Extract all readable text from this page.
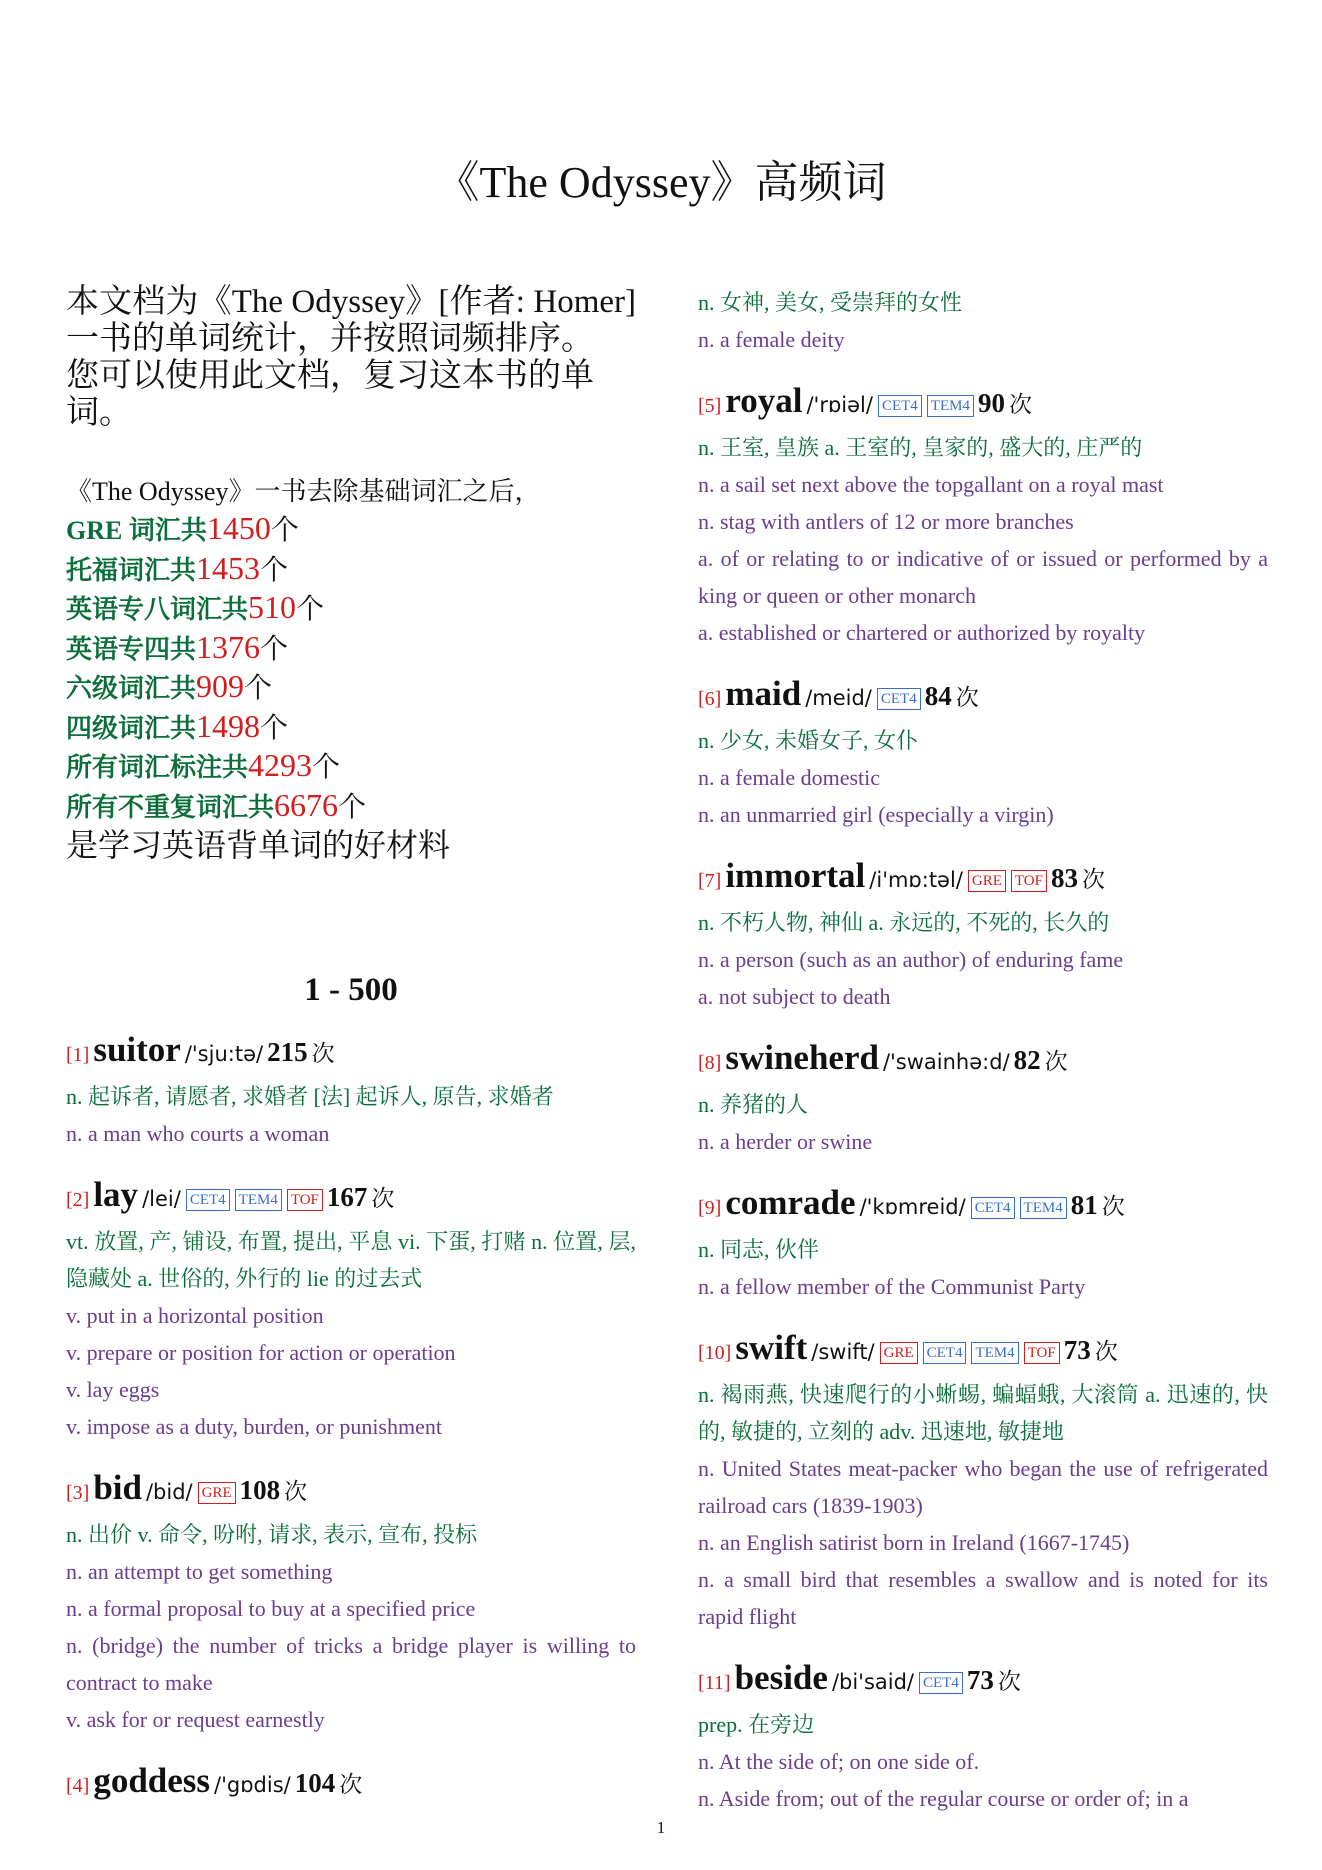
《The Odyssey》高频词

本文档为《The Odyssey》[作者: Homer] 一书的单词统计，并按照词频排序。

您可以使用此文档，复习这本书的单词。

《The Odyssey》一书去除基础词汇之后，
GRE 词汇共1450个
托福词汇共1453个
英语专八词汇共510个
英语专四共1376个
六级词汇共909个
四级词汇共1498个
所有词汇标注共4293个
所有不重复词汇共6676个
是学习英语背单词的好材料
1 - 500
[1] suitor /'sju:tə/ 215 次
n. 起诉者, 请愿者, 求婚者 [法] 起诉人, 原告, 求婚者
n. a man who courts a woman
[2] lay /lei/ CET4 TEM4 TOF 167 次
vt. 放置, 产, 铺设, 布置, 提出, 平息 vi. 下蛋, 打赌 n. 位置, 层, 隐藏处 a. 世俗的, 外行的 lie 的过去式
v. put in a horizontal position
v. prepare or position for action or operation
v. lay eggs
v. impose as a duty, burden, or punishment
[3] bid /bid/ GRE 108 次
n. 出价 v. 命令, 吩咐, 请求, 表示, 宣布, 投标
n. an attempt to get something
n. a formal proposal to buy at a specified price
n. (bridge) the number of tricks a bridge player is willing to contract to make
v. ask for or request earnestly
[4] goddess /'gɒdis/ 104 次
n. 女神, 美女, 受崇拜的女性
n. a female deity
[5] royal /'rɒiəl/ CET4 TEM4 90 次
n. 王室, 皇族 a. 王室的, 皇家的, 盛大的, 庄严的
n. a sail set next above the topgallant on a royal mast
n. stag with antlers of 12 or more branches
a. of or relating to or indicative of or issued or performed by a king or queen or other monarch
a. established or chartered or authorized by royalty
[6] maid /meid/ CET4 84 次
n. 少女, 未婚女子, 女仆
n. a female domestic
n. an unmarried girl (especially a virgin)
[7] immortal /i'mɒ:təl/ GRE TOF 83 次
n. 不朽人物, 神仙 a. 永远的, 不死的, 长久的
n. a person (such as an author) of enduring fame
a. not subject to death
[8] swineherd /'swainhə:d/ 82 次
n. 养猪的人
n. a herder or swine
[9] comrade /'kɒmreid/ CET4 TEM4 81 次
n. 同志, 伙伴
n. a fellow member of the Communist Party
[10] swift /swift/ GRE CET4 TEM4 TOF 73 次
n. 褐雨燕, 快速爬行的小蜥蜴, 蝙蝠蛾, 大滚筒 a. 迅速的, 快的, 敏捷的, 立刻的 adv. 迅速地, 敏捷地
n. United States meat-packer who began the use of refrigerated railroad cars (1839-1903)
n. an English satirist born in Ireland (1667-1745)
n. a small bird that resembles a swallow and is noted for its rapid flight
[11] beside /bi'said/ CET4 73 次
prep. 在旁边
n. At the side of; on one side of.
n. Aside from; out of the regular course or order of; in a
1
